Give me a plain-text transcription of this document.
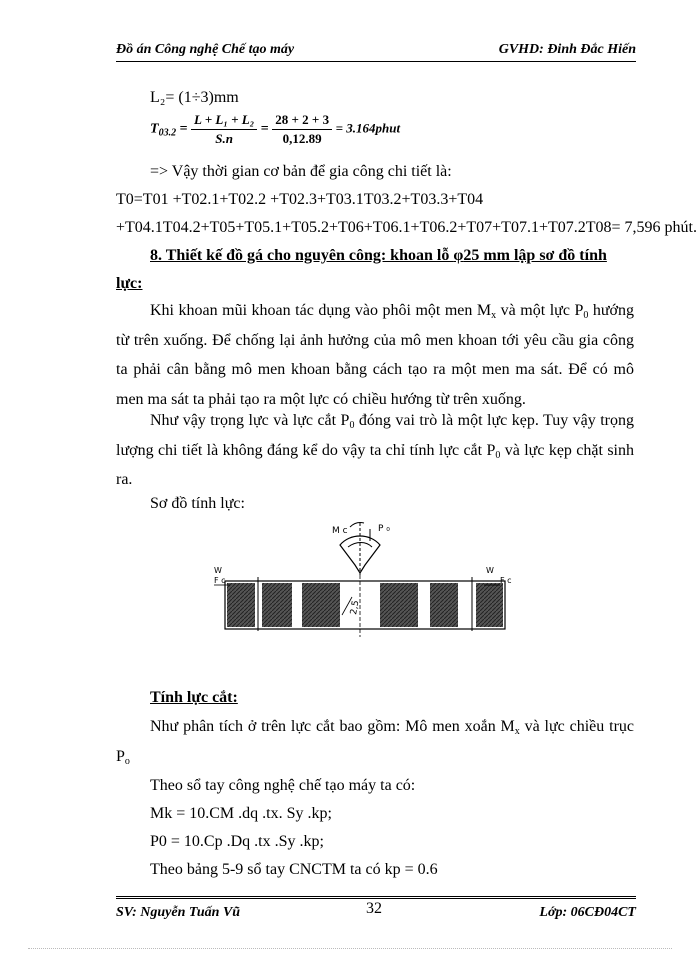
Đồ án Công nghệ Chế tạo máy	GVHD: Đinh Đắc Hiến
L₂= (1÷3)mm
$T_{03.2} = \frac{\text{L + L₁ + L₂}}{S.n} = \frac{28 + 2 + 3}{0,12.89}$ = 3.164phut
=> Vậy thời gian cơ bản để gia công chi tiết là:
T0=T01 +T02.1+T02.2 +T02.3+T03.1T03.2+T03.3+T04
+T04.1T04.2+T05+T05.1+T05.2+T06+T06.1+T06.2+T07+T07.1+T07.2T08= 7,596 phút.
8. Thiết kế đồ gá cho nguyên công: khoan lỗ φ25 mm lập sơ đồ tính
lực:
Khi khoan mũi khoan tác dụng vào phôi một men $M_x$ và một lực $P_0$ hướng từ trên xuống. Để chống lại ảnh hưởng của mô men khoan tới yêu cầu gia công ta phải cân bằng mô men khoan bằng cách tạo ra một men ma sát. Để có mô men ma sát ta phải tạo ra một lực có chiều hướng từ trên xuống.
Như vậy trọng lực và lực cắt $P_0$ đóng vai trò là một lực kẹp. Tuy vậy trọng lượng chi tiết là không đáng kể do vậy ta chỉ tính lực cắt $P_0$ và lực kẹp chặt sinh ra.
Sơ đồ tính lực:
M c	P ₀
2,5
W
F c
W
F c
Tính lực cắt:
Như phân tích ở trên lực cắt bao gồm: Mô men xoắn $M_x$ và lực chiều trục $P_o$
Theo sổ tay công nghệ chế tạo máy ta có:
Mk = 10.CM .dq .tx. Sy .kp;
P0 = 10.Cp .Dq .tx .Sy .kp;
Theo bảng 5-9 sổ tay CNCTM ta có kp = 0.6
SV: Nguyễn Tuấn Vũ	32	Lớp: 06CĐ04CT
